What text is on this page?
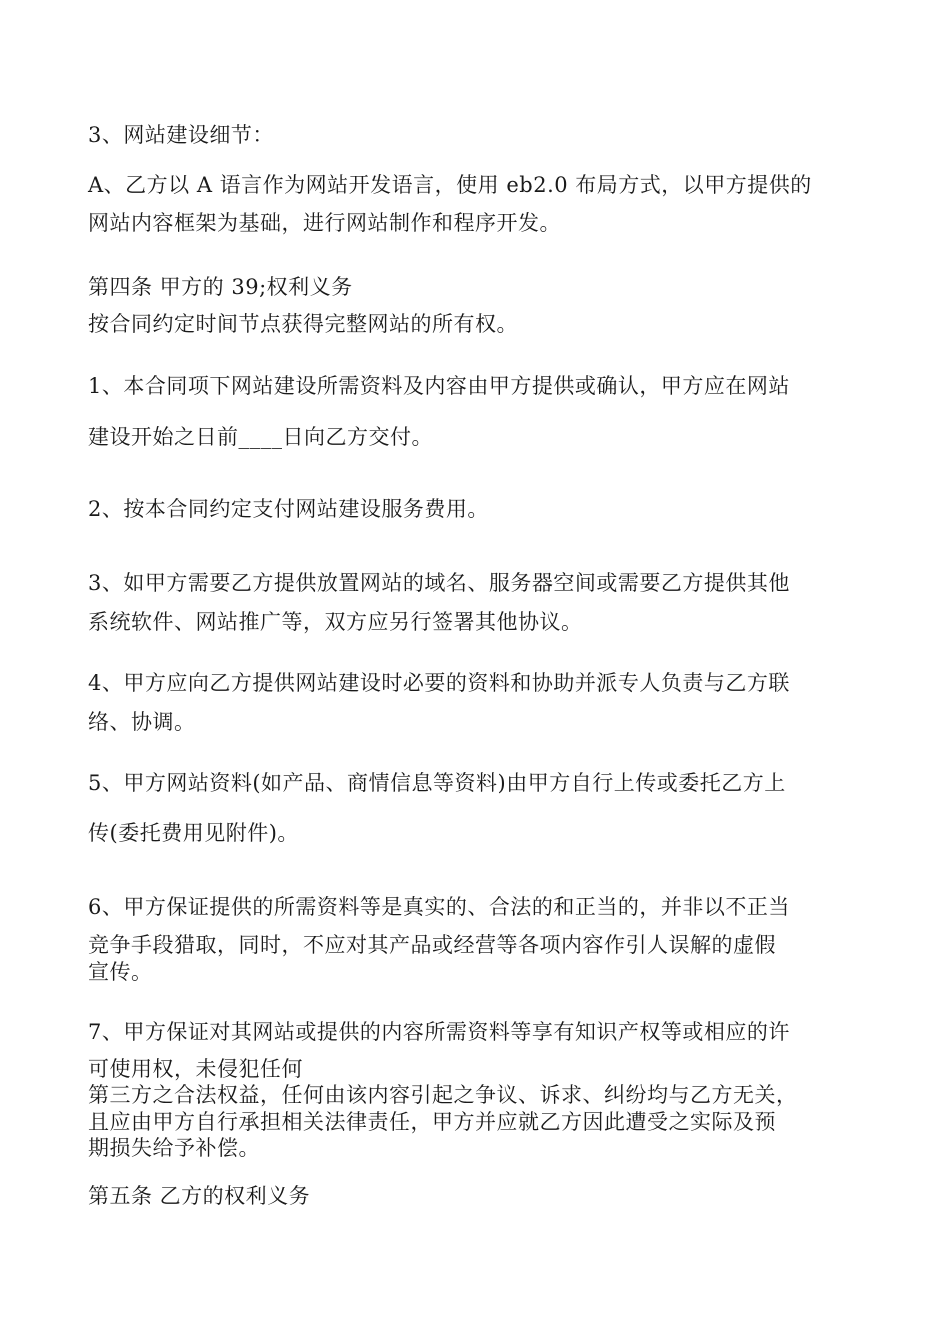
3、网站建设细节：
A、乙方以 A 语言作为网站开发语言，使用 eb2.0 布局方式，以甲方提供的
网站内容框架为基础，进行网站制作和程序开发。
第四条 甲方的 39;权利义务
按合同约定时间节点获得完整网站的所有权。
1、本合同项下网站建设所需资料及内容由甲方提供或确认，甲方应在网站
建设开始之日前____日向乙方交付。
2、按本合同约定支付网站建设服务费用。
3、如甲方需要乙方提供放置网站的域名、服务器空间或需要乙方提供其他
系统软件、网站推广等，双方应另行签署其他协议。
4、甲方应向乙方提供网站建设时必要的资料和协助并派专人负责与乙方联
络、协调。
5、甲方网站资料(如产品、商情信息等资料)由甲方自行上传或委托乙方上
传(委托费用见附件)。
6、甲方保证提供的所需资料等是真实的、合法的和正当的，并非以不正当
竞争手段猎取，同时，不应对其产品或经营等各项内容作引人误解的虚假
宣传。
7、甲方保证对其网站或提供的内容所需资料等享有知识产权等或相应的许
可使用权，未侵犯任何
第三方之合法权益，任何由该内容引起之争议、诉求、纠纷均与乙方无关，
且应由甲方自行承担相关法律责任，甲方并应就乙方因此遭受之实际及预
期损失给予补偿。
第五条 乙方的权利义务
